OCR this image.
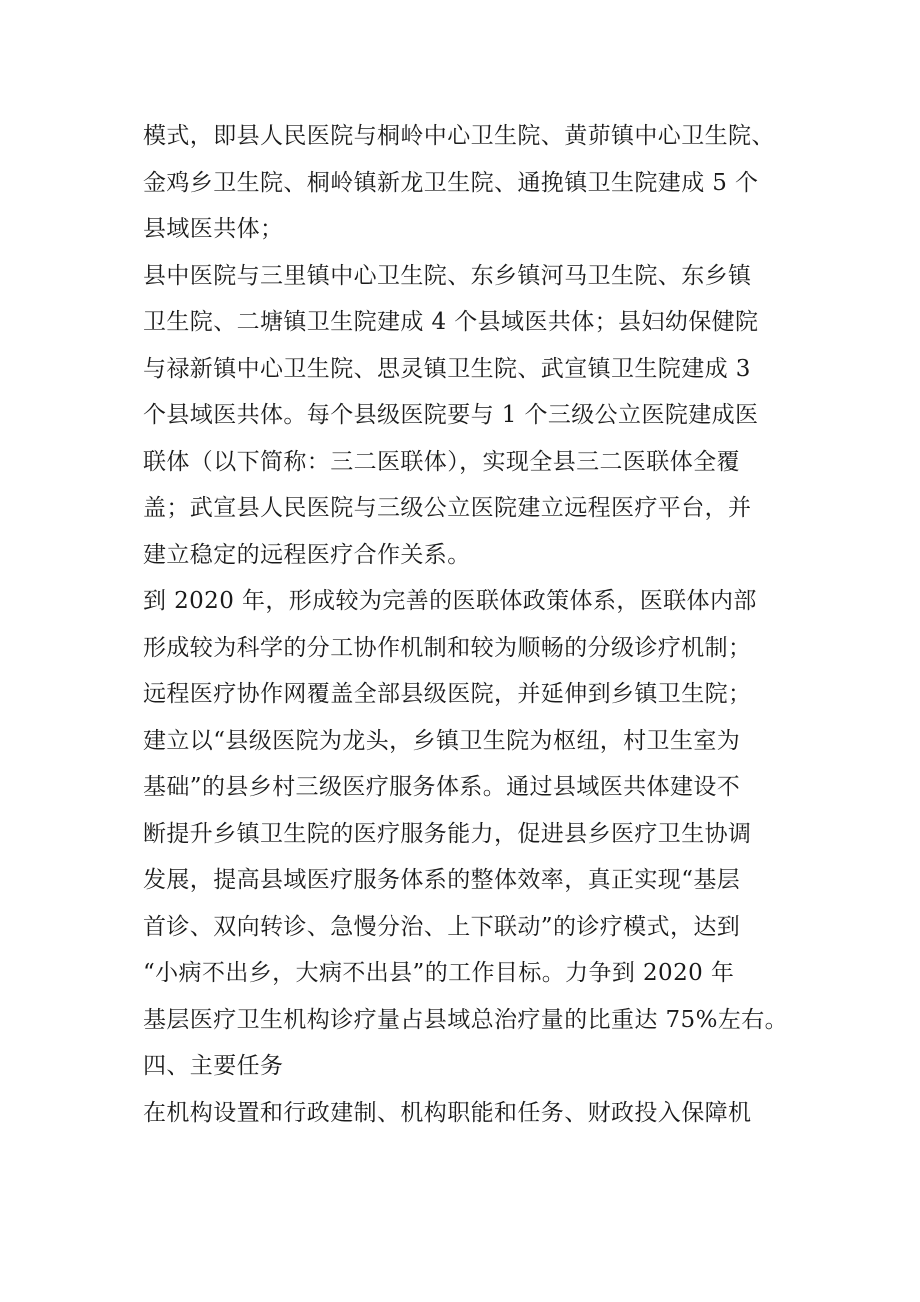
模式，即县人民医院与桐岭中心卫生院、黄茆镇中心卫生院、
金鸡乡卫生院、桐岭镇新龙卫生院、通挽镇卫生院建成 5 个
县域医共体；
县中医院与三里镇中心卫生院、东乡镇河马卫生院、东乡镇
卫生院、二塘镇卫生院建成 4 个县域医共体；县妇幼保健院
与禄新镇中心卫生院、思灵镇卫生院、武宣镇卫生院建成 3
个县域医共体。每个县级医院要与 1 个三级公立医院建成医
联体（以下简称：三二医联体），实现全县三二医联体全覆
盖；武宣县人民医院与三级公立医院建立远程医疗平台，并
建立稳定的远程医疗合作关系。
到 2020 年，形成较为完善的医联体政策体系，医联体内部
形成较为科学的分工协作机制和较为顺畅的分级诊疗机制；
远程医疗协作网覆盖全部县级医院，并延伸到乡镇卫生院；
建立以“县级医院为龙头，乡镇卫生院为枢纽，村卫生室为
基础”的县乡村三级医疗服务体系。通过县域医共体建设不
断提升乡镇卫生院的医疗服务能力，促进县乡医疗卫生协调
发展，提高县域医疗服务体系的整体效率，真正实现“基层
首诊、双向转诊、急慢分治、上下联动”的诊疗模式，达到
“小病不出乡，大病不出县”的工作目标。力争到 2020 年
基层医疗卫生机构诊疗量占县域总治疗量的比重达 75%左右。
四、主要任务
在机构设置和行政建制、机构职能和任务、财政投入保障机
